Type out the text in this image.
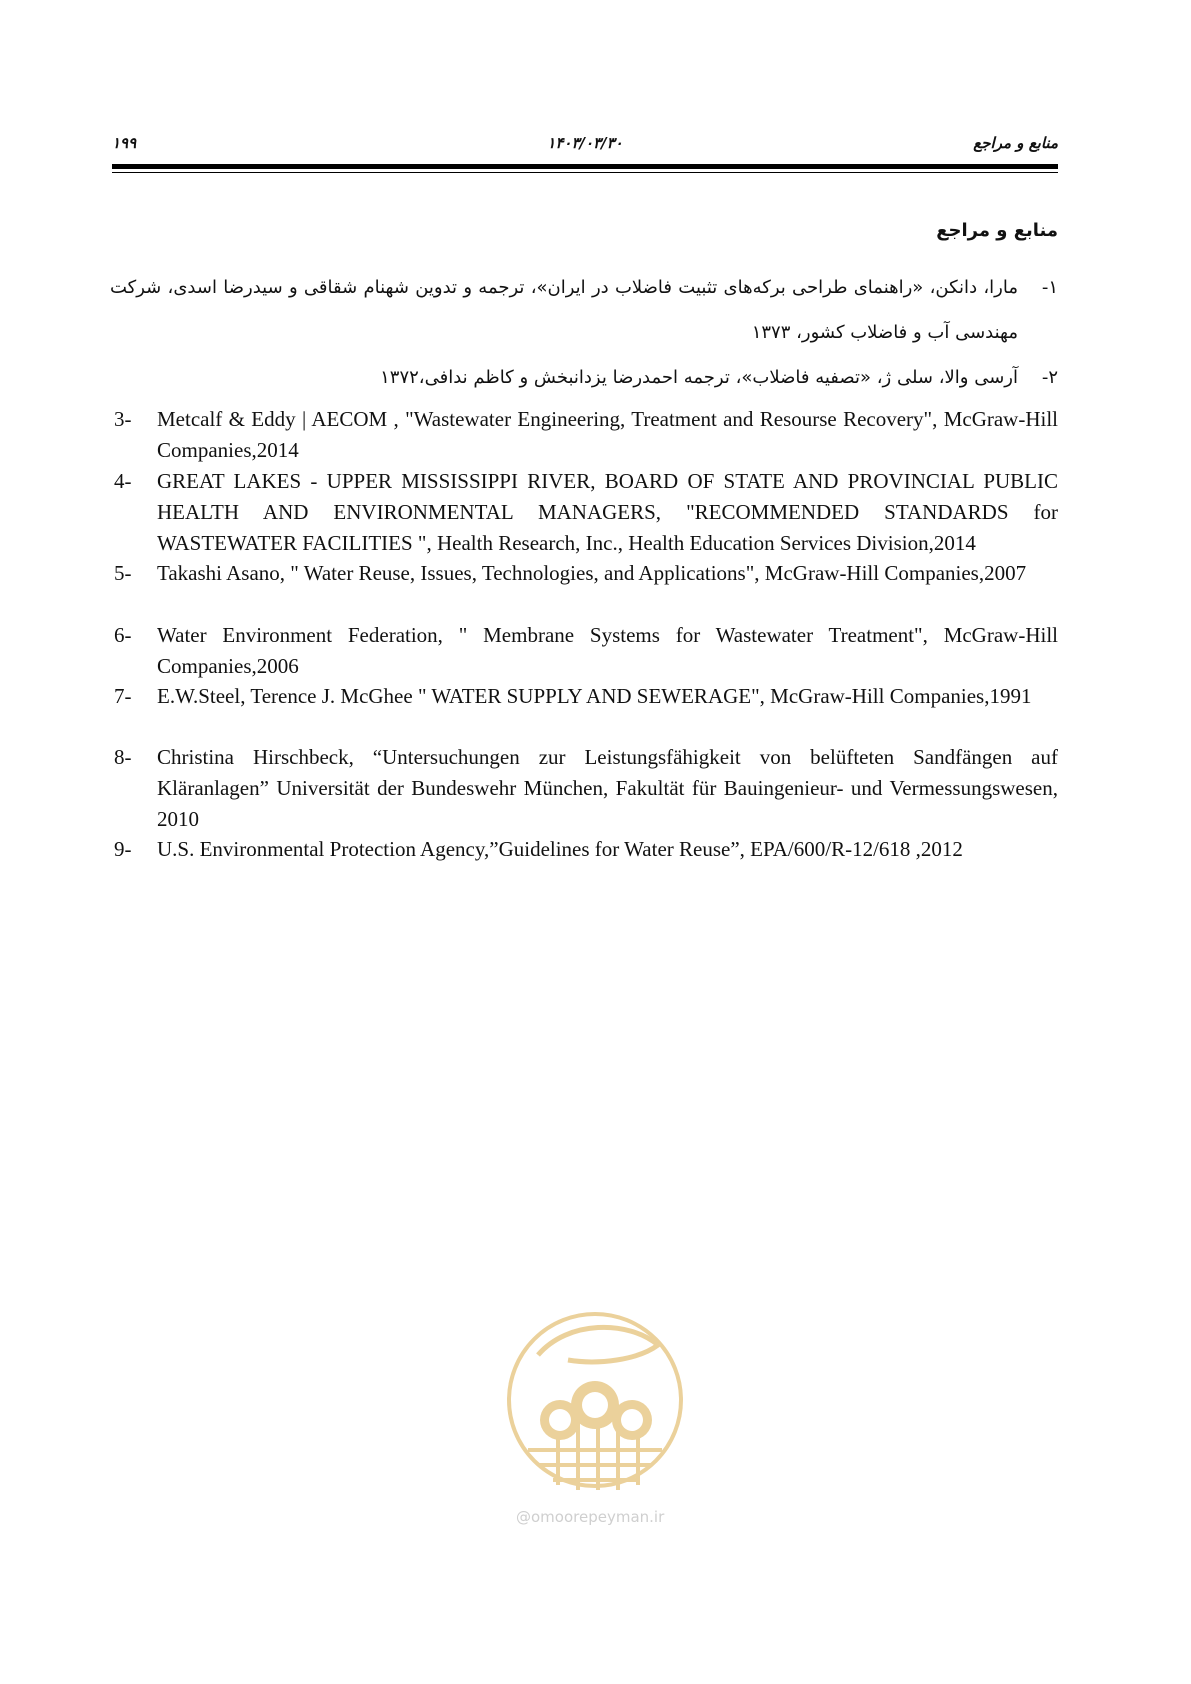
۱۹۹	۱۴۰۳/۰۳/۳۰	منابع و مراجع
منابع و مراجع
۱-
مارا، دانکن، «راهنمای طراحی برکه‌های تثبیت فاضلاب در ایران»، ترجمه و تدوین شهنام شقاقی و سیدرضا اسدی، شرکت مهندسی آب و فاضلاب کشور، ۱۳۷۳
۲-
آرسی والا، سلی ژ، «تصفیه فاضلاب»، ترجمه احمدرضا یزدانبخش و کاظم ندافی،۱۳۷۲
3- Metcalf & Eddy | AECOM , "Wastewater Engineering, Treatment and Resourse Recovery", McGraw-Hill Companies,2014
4- GREAT LAKES - UPPER MISSISSIPPI RIVER, BOARD OF STATE AND PROVINCIAL PUBLIC HEALTH AND ENVIRONMENTAL MANAGERS, "RECOMMENDED STANDARDS for WASTEWATER FACILITIES ", Health Research, Inc., Health Education Services Division,2014
5- Takashi Asano, " Water Reuse, Issues, Technologies, and Applications", McGraw-Hill Companies,2007
6- Water Environment Federation, " Membrane Systems for Wastewater Treatment", McGraw-Hill Companies,2006
7- E.W.Steel, Terence J. McGhee " WATER SUPPLY AND SEWERAGE", McGraw-Hill Companies,1991
8- Christina Hirschbeck, “Untersuchungen zur Leistungsfähigkeit von belüfteten Sandfängen auf Kläranlagen” Universität der Bundeswehr München, Fakultät für Bauingenieur- und Vermessungswesen, 2010
9- U.S. Environmental Protection Agency,”Guidelines for Water Reuse”, EPA/600/R-12/618 ,2012
@omoorepeyman.ir
